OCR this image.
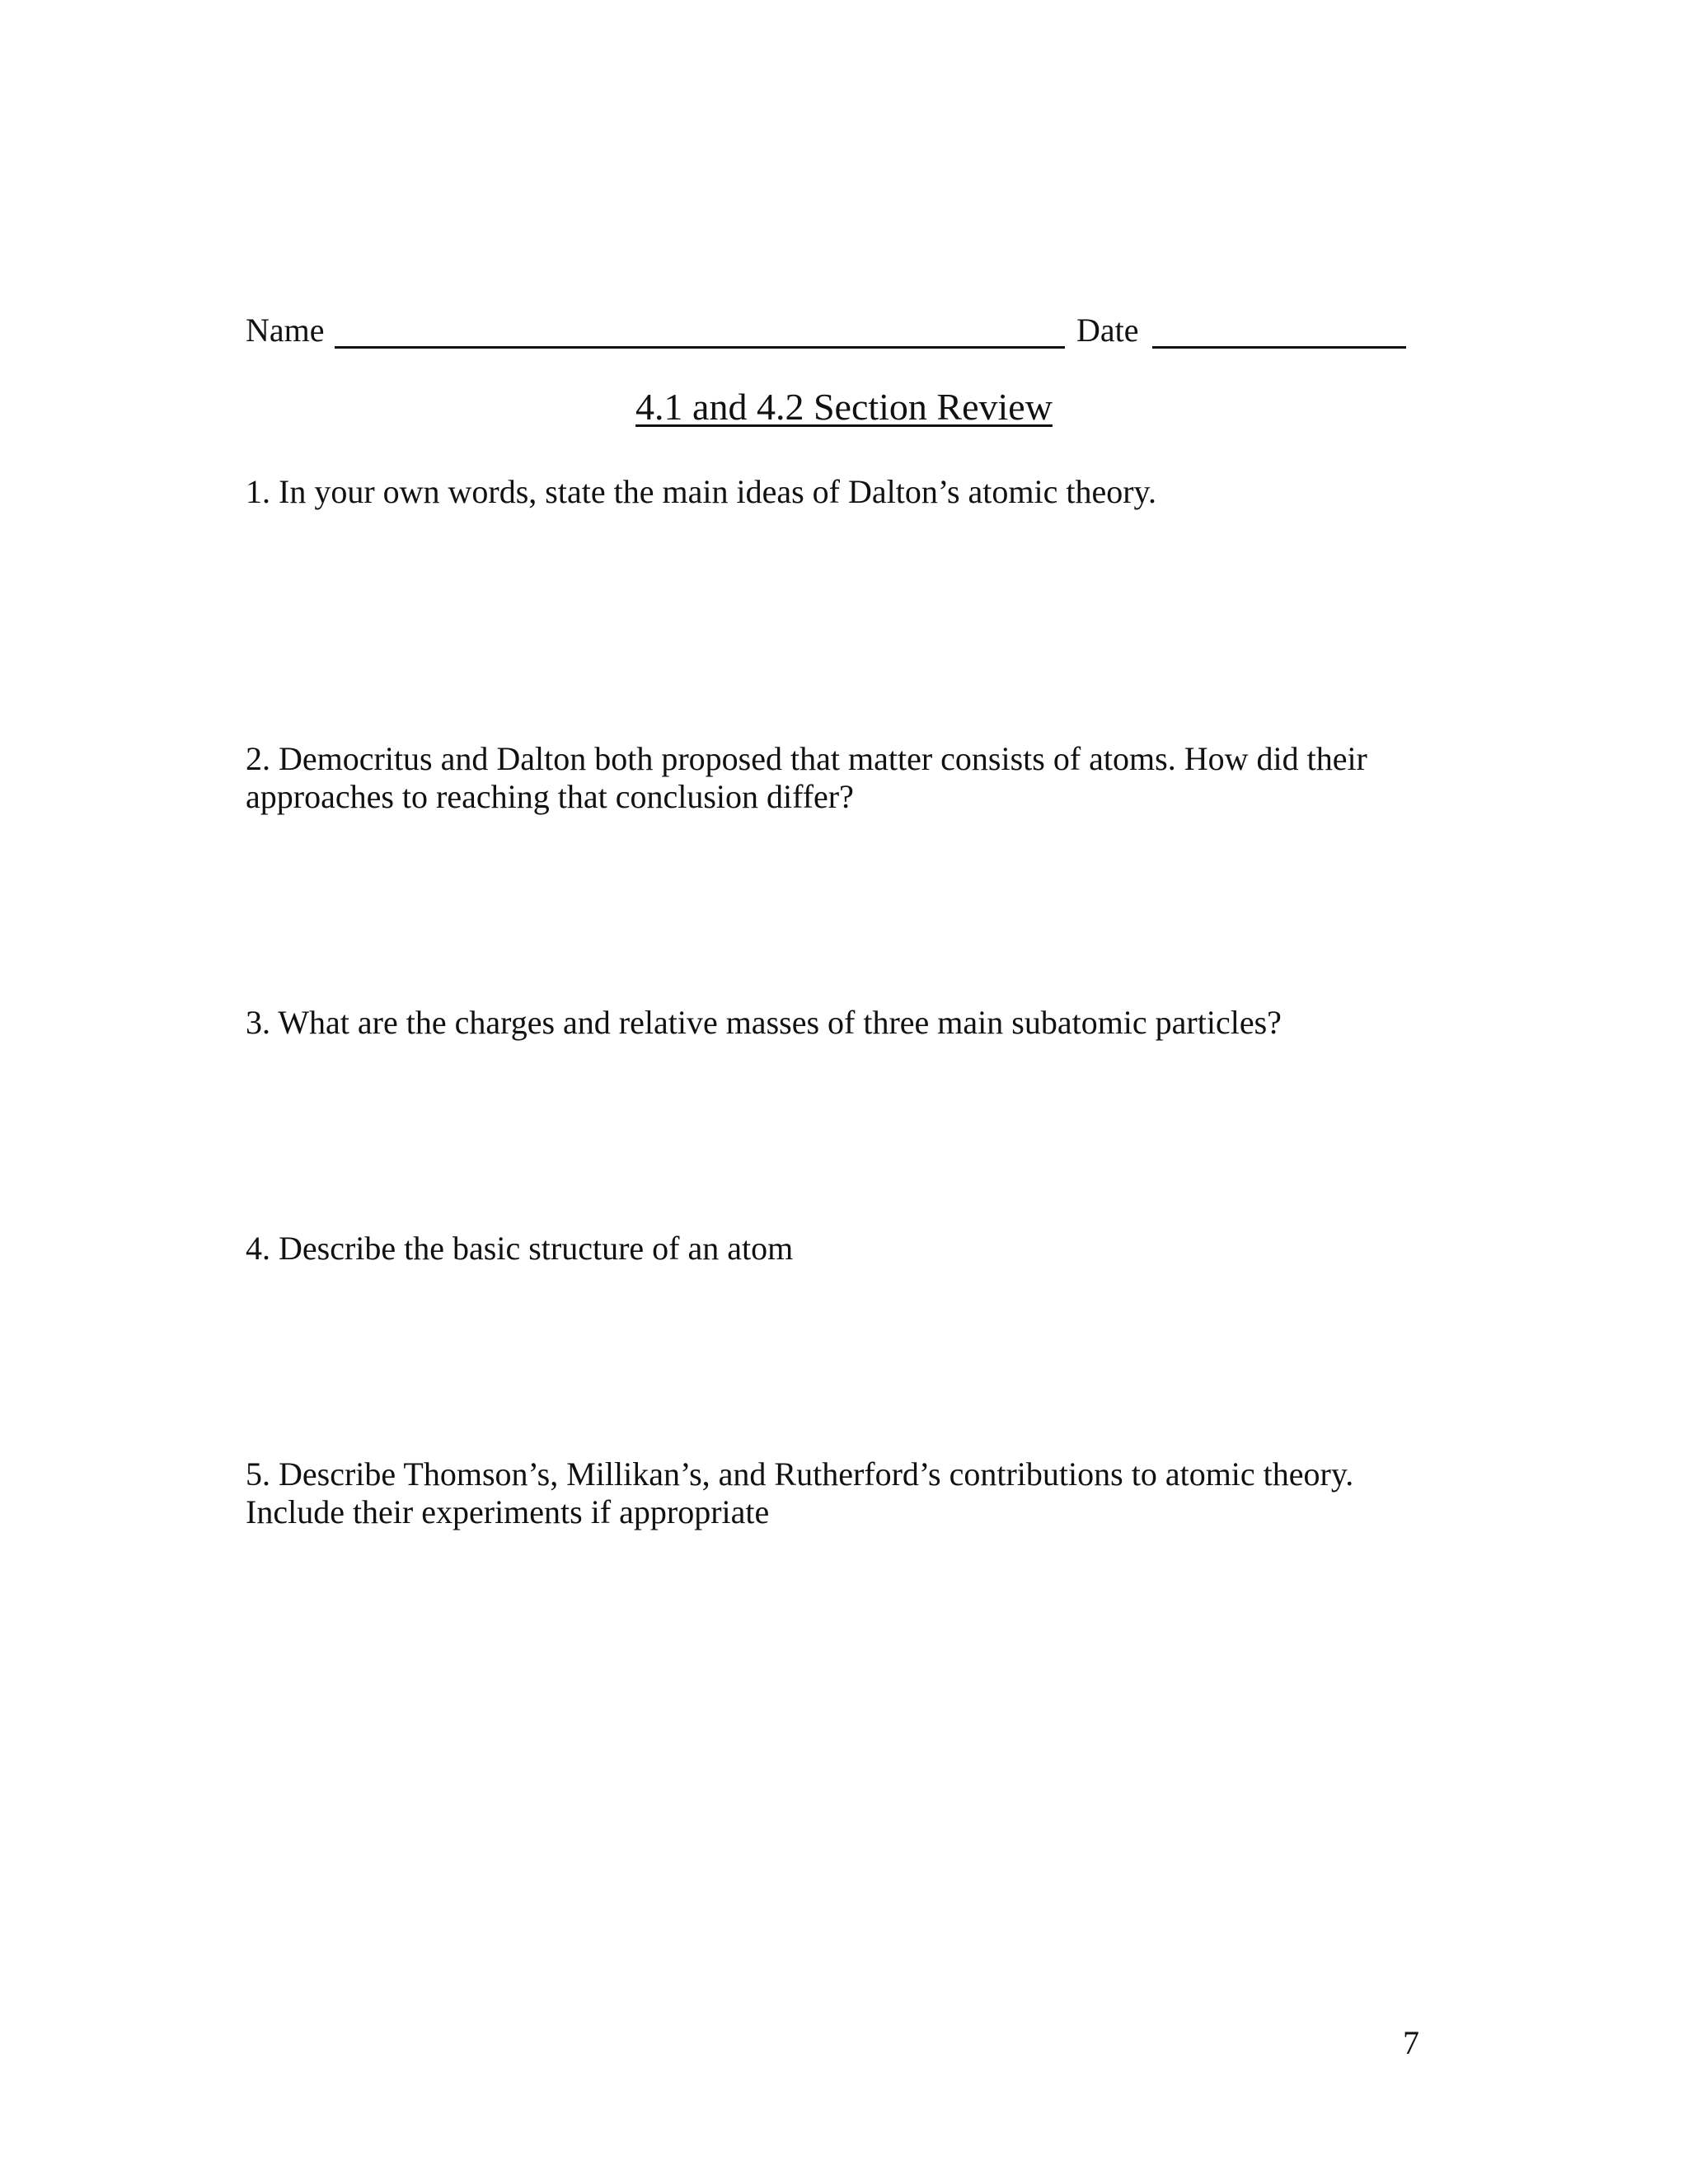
Name	Date
4.1 and 4.2 Section Review
1. In your own words, state the main ideas of Dalton’s atomic theory.
2. Democritus and Dalton both proposed that matter consists of atoms. How did their
approaches to reaching that conclusion differ?
3. What are the charges and relative masses of three main subatomic particles?
4. Describe the basic structure of an atom
5. Describe Thomson’s, Millikan’s, and Rutherford’s contributions to atomic theory.
Include their experiments if appropriate
7
